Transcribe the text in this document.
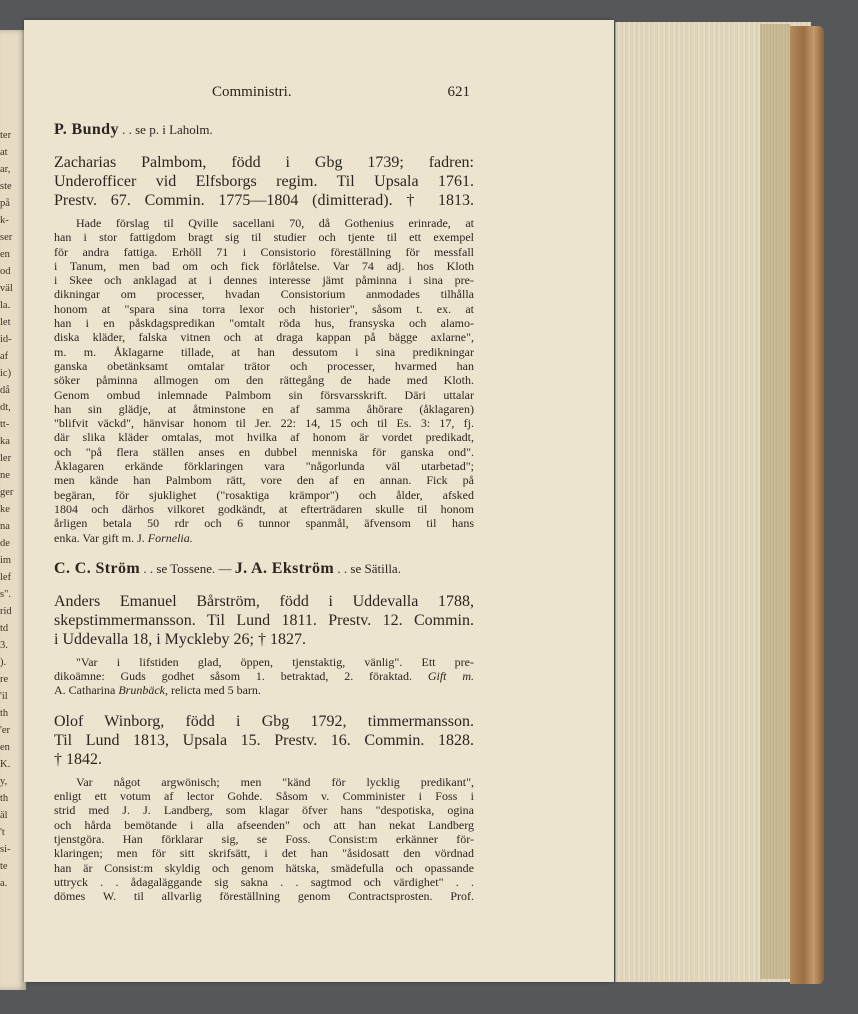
ter
at
ar,
ste
på
k-
ser
en
od
väl
la.
let
id-
af
ic)
då
dt,
tt-
ka
ler
ne
ger
ke
na
de
im
lef
s".
rid
td
3.
).
re
'il
th
'er
en
K.
y,
th
äl
't
si-
te
a.
Comministri.	621
P. Bundy . . se p. i Laholm.
Zacharias Palmbom, född i Gbg 1739; fadren:
Underofficer vid Elfsborgs regim. Til Upsala 1761.
Prestv. 67. Commin. 1775—1804 (dimitterad). † 1813.
Hade förslag til Qville sacellani 70, då Gothenius erinrade, at
han i stor fattigdom bragt sig til studier och tjente til ett exempel
för andra fattiga. Erhöll 71 i Consistorio föreställning för messfall
i Tanum, men bad om och fick förlåtelse. Var 74 adj. hos Kloth
i Skee och anklagad at i dennes interesse jämt påminna i sina pre-
dikningar om processer, hvadan Consistorium anmodades tilhålla
honom at "spara sina torra lexor och historier", såsom t. ex. at
han i en påskdagspredikan "omtalt röda hus, fransyska och alamo-
diska kläder, falska vitnen och at draga kappan på bägge axlarne",
m. m. Åklagarne tillade, at han dessutom i sina predikningar
ganska obetänksamt omtalar trätor och processer, hvarmed han
söker påminna allmogen om den rättegång de hade med Kloth.
Genom ombud inlemnade Palmbom sin försvarsskrift. Däri uttalar
han sin glädje, at åtminstone en af samma åhörare (åklagaren)
"blifvit väckd", hänvisar honom til Jer. 22: 14, 15 och til Es. 3: 17, fj.
där slika kläder omtalas, mot hvilka af honom är vordet predikadt,
och "på flera ställen anses en dubbel menniska för ganska ond".
Åklagaren erkände förklaringen vara "någorlunda väl utarbetad";
men kände han Palmbom rätt, vore den af en annan. Fick på
begäran, för sjuklighet ("rosaktiga krämpor") och ålder, afsked
1804 och därhos vilkoret godkändt, at efterträdaren skulle til honom
årligen betala 50 rdr och 6 tunnor spanmål, äfvensom til hans
enka. Var gift m. J. Fornelia.
C. C. Ström . . se Tossene. — J. A. Ekström . . se Sätilla.
Anders Emanuel Bårström, född i Uddevalla 1788,
skepstimmermansson. Til Lund 1811. Prestv. 12. Commin.
i Uddevalla 18, i Myckleby 26; † 1827.
"Var i lifstiden glad, öppen, tjenstaktig, vänlig". Ett pre-
dikoämne: Guds godhet såsom 1. betraktad, 2. föraktad. Gift m.
A. Catharina Brunbäck, relicta med 5 barn.
Olof Winborg, född i Gbg 1792, timmermansson.
Til Lund 1813, Upsala 15. Prestv. 16. Commin. 1828.
† 1842.
Var något argwönisch; men "känd för lycklig predikant",
enligt ett votum af lector Gohde. Såsom v. Comminister i Foss i
strid med J. J. Landberg, som klagar öfver hans "despotiska, ogina
och hårda bemötande i alla afseenden" och att han nekat Landberg
tjenstgöra. Han förklarar sig, se Foss. Consist:m erkänner för-
klaringen; men för sitt skrifsätt, i det han "åsidosatt den vördnad
han är Consist:m skyldig och genom hätska, smädefulla och opassande
uttryck . . ådagaläggande sig sakna . . sagtmod och värdighet" . .
dömes W. til allvarlig föreställning genom Contractsprosten. Prof.
